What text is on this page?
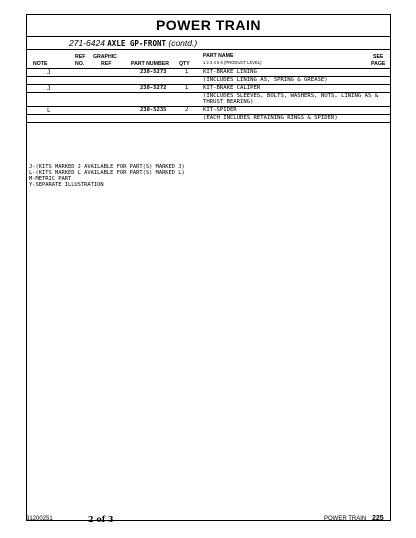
POWER TRAIN
271-6424 AXLE GP-FRONT (contd.)
NOTE
REF
NO.
GRAPHIC
REF	PART NUMBER QTY
PART NAME
1 2 3 4 5 6 (PRODUCT LEVEL)
SEE
PAGE
J	238-5273	1	KIT-BRAKE LINING
(INCLUDES LINING AS, SPRING & GREASE)
J	238-5272	1	KIT-BRAKE CALIPER
(INCLUDES SLEEVES, BOLTS, WASHERS, NUTS, LINING AS & THRUST BEARING)
L	238-5235	2	KIT-SPIDER
(EACH INCLUDES RETAINING RINGS & SPIDER)
J-(KITS MARKED J AVAILABLE FOR PART(S) MARKED J)
L-(KITS MARKED L AVAILABLE FOR PART(S) MARKED L)
M-METRIC PART
Y-SEPARATE ILLUSTRATION
31200251	2 of 3	POWER TRAIN 225
